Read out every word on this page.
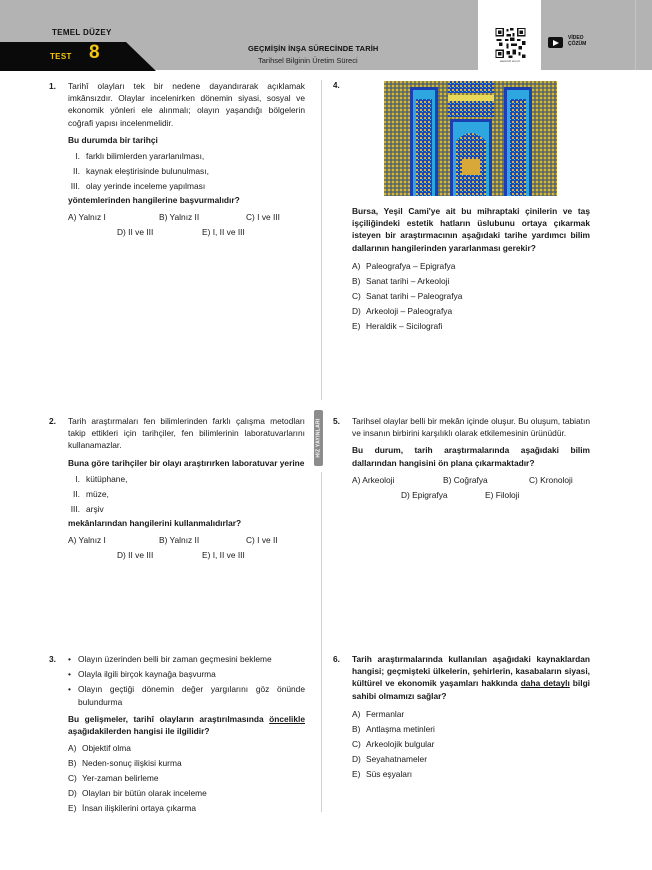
TEMEL DÜZEY
TEST 8	GEÇMİŞİN İNŞA SÜRECİNDE TARİH
Tarihsel Bilginin Üretim Süreci	www.hiz.com.tr
VİDEO
ÇÖZÜM
HIZ YAYINLARI
1. Tarihî olayları tek bir nedene dayandırarak açıklamak imkânsızdır. Olaylar incelenirken dönemin siyasi, sosyal ve ekonomik yönleri ele alınmalı; olayın yaşandığı bölgelerin coğrafi yapısı incelenmelidir.
Bu durumda bir tarihçi
I. farklı bilimlerden yararlanılması,
II. kaynak eleştirisinde bulunulması,
III. olay yerinde inceleme yapılması
yöntemlerinden hangilerine başvurmalıdır?
A) Yalnız I	B) Yalnız II	C) I ve III
D) II ve III	E) I, II ve III
4.
Bursa, Yeşil Cami'ye ait bu mihraptaki çinilerin ve taş işçiliğindeki estetik hatların üslubunu ortaya çıkarmak isteyen bir araştırmacının aşağıdaki tarihe yardımcı bilim dallarının hangilerinden yararlanması gerekir?
A) Paleografya – Epigrafya
B) Sanat tarihi – Arkeoloji
C) Sanat tarihi – Paleografya
D) Arkeoloji – Paleografya
E) Heraldik – Sicilografi
2. Tarih araştırmaları fen bilimlerinden farklı çalışma metodları takip ettikleri için tarihçiler, fen bilimlerinin laboratuvarlarını kullanamazlar.
Buna göre tarihçiler bir olayı araştırırken laboratuvar yerine
I. kütüphane,
II. müze,
III. arşiv
mekânlarından hangilerini kullanmalıdırlar?
A) Yalnız I	B) Yalnız II	C) I ve II
D) II ve III	E) I, II ve III
5. Tarihsel olaylar belli bir mekân içinde oluşur. Bu oluşum, tabiatın ve insanın birbirini karşılıklı olarak etkilemesinin ürünüdür.
Bu durum, tarih araştırmalarında aşağıdaki bilim dallarından hangisini ön plana çıkarmaktadır?
A) Arkeoloji	B) Coğrafya	C) Kronoloji
D) Epigrafya	E) Filoloji
3. • Olayın üzerinden belli bir zaman geçmesini bekleme
• Olayla ilgili birçok kaynağa başvurma
• Olayın geçtiği dönemin değer yargılarını göz önünde bulundurma
Bu gelişmeler, tarihî olayların araştırılmasında öncelikle aşağıdakilerden hangisi ile ilgilidir?
A) Objektif olma
B) Neden-sonuç ilişkisi kurma
C) Yer-zaman belirleme
D) Olayları bir bütün olarak inceleme
E) İnsan ilişkilerini ortaya çıkarma
6. Tarih araştırmalarında kullanılan aşağıdaki kaynaklardan hangisi; geçmişteki ülkelerin, şehirlerin, kasabaların siyasi, kültürel ve ekonomik yaşamları hakkında daha detaylı bilgi sahibi olmamızı sağlar?
A) Fermanlar
B) Antlaşma metinleri
C) Arkeolojik bulgular
D) Seyahatnameler
E) Süs eşyaları
